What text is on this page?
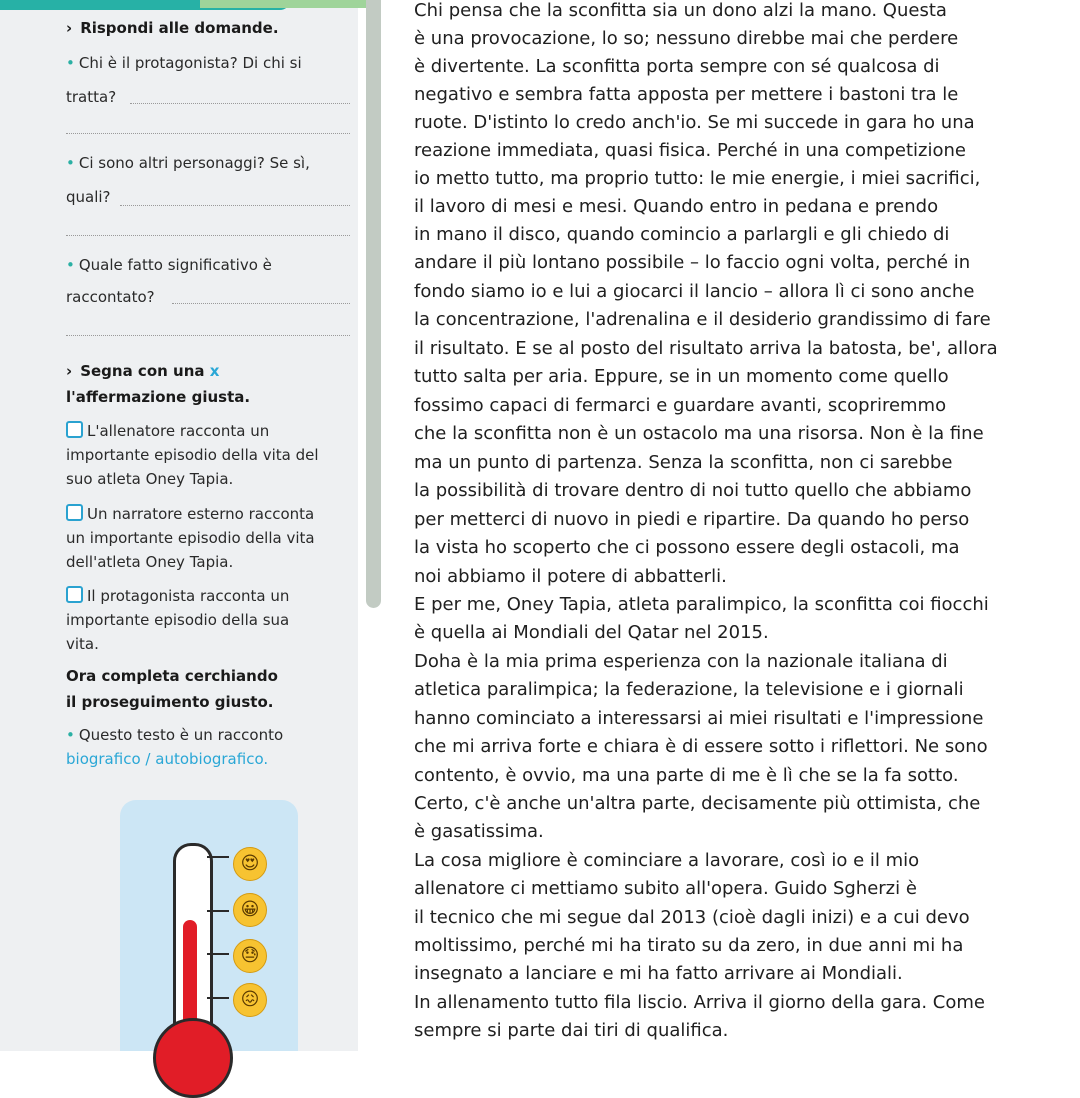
› Rispondi alle domande.

• Chi è il protagonista? Di chi si

tratta?

• Ci sono altri personaggi? Se sì,

quali?

• Quale fatto significativo è

raccontato?

› Segna con una x

l'affermazione giusta.

L'allenatore racconta un

importante episodio della vita del

suo atleta Oney Tapia.

Un narratore esterno racconta

un importante episodio della vita

dell'atleta Oney Tapia.

Il protagonista racconta un

importante episodio della sua

vita.

Ora completa cerchiando

il proseguimento giusto.

• Questo testo è un racconto

biografico / autobiografico.

😍
😀
😓
😖

Chi pensa che la sconfitta sia un dono alzi la mano. Questa

è una provocazione, lo so; nessuno direbbe mai che perdere

è divertente. La sconfitta porta sempre con sé qualcosa di

negativo e sembra fatta apposta per mettere i bastoni tra le

ruote. D'istinto lo credo anch'io. Se mi succede in gara ho una

reazione immediata, quasi fisica. Perché in una competizione

io metto tutto, ma proprio tutto: le mie energie, i miei sacrifici,

il lavoro di mesi e mesi. Quando entro in pedana e prendo

in mano il disco, quando comincio a parlargli e gli chiedo di

andare il più lontano possibile – lo faccio ogni volta, perché in

fondo siamo io e lui a giocarci il lancio – allora lì ci sono anche

la concentrazione, l'adrenalina e il desiderio grandissimo di fare

il risultato. E se al posto del risultato arriva la batosta, be', allora

tutto salta per aria. Eppure, se in un momento come quello

fossimo capaci di fermarci e guardare avanti, scopriremmo

che la sconfitta non è un ostacolo ma una risorsa. Non è la fine

ma un punto di partenza. Senza la sconfitta, non ci sarebbe

la possibilità di trovare dentro di noi tutto quello che abbiamo

per metterci di nuovo in piedi e ripartire. Da quando ho perso

la vista ho scoperto che ci possono essere degli ostacoli, ma

noi abbiamo il potere di abbatterli.

E per me, Oney Tapia, atleta paralimpico, la sconfitta coi fiocchi

è quella ai Mondiali del Qatar nel 2015.

Doha è la mia prima esperienza con la nazionale italiana di

atletica paralimpica; la federazione, la televisione e i giornali

hanno cominciato a interessarsi ai miei risultati e l'impressione

che mi arriva forte e chiara è di essere sotto i riflettori. Ne sono

contento, è ovvio, ma una parte di me è lì che se la fa sotto.

Certo, c'è anche un'altra parte, decisamente più ottimista, che

è gasatissima.

La cosa migliore è cominciare a lavorare, così io e il mio

allenatore ci mettiamo subito all'opera. Guido Sgherzi è

il tecnico che mi segue dal 2013 (cioè dagli inizi) e a cui devo

moltissimo, perché mi ha tirato su da zero, in due anni mi ha

insegnato a lanciare e mi ha fatto arrivare ai Mondiali.

In allenamento tutto fila liscio. Arriva il giorno della gara. Come

sempre si parte dai tiri di qualifica.
